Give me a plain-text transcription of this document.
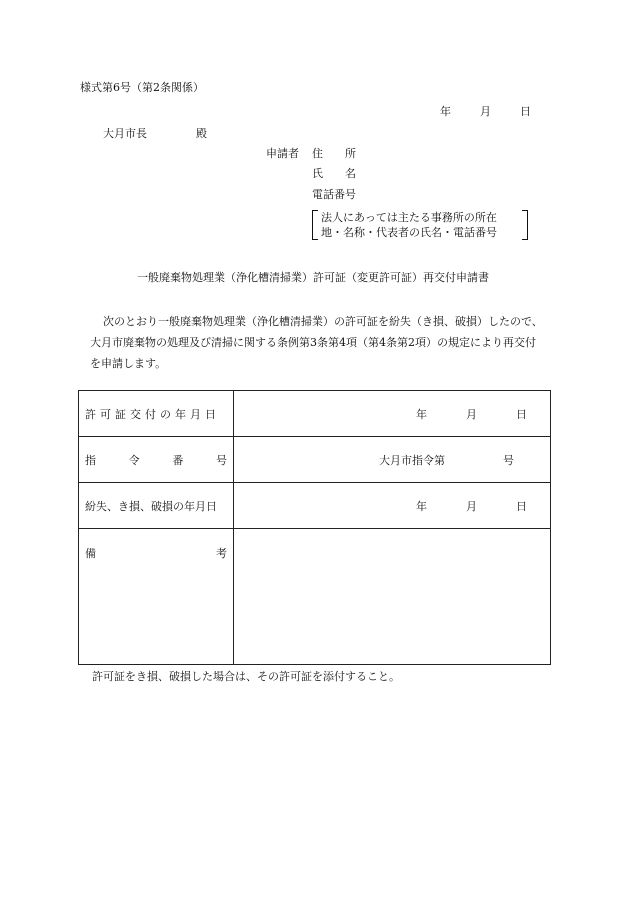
様式第6号（第2条関係）
年	月	日
大月市長	殿
申請者 住　　所
氏　　名
電話番号
法人にあっては主たる事務所の所在
地・名称・代表者の氏名・電話番号
一般廃棄物処理業（浄化槽清掃業）許可証（変更許可証）再交付申請書
次のとおり一般廃棄物処理業（浄化槽清掃業）の許可証を紛失（き損、破損）したので、
大月市廃棄物の処理及び清掃に関する条例第3条第4項（第4条第2項）の規定により再交付
を申請します。
許可証交付の年月日	年 月 日

指 令 番 号	大月市指令第 号

紛失、き損、破損の年月日	年 月 日

備 考	

許可証をき損、破損した場合は、その許可証を添付すること。
